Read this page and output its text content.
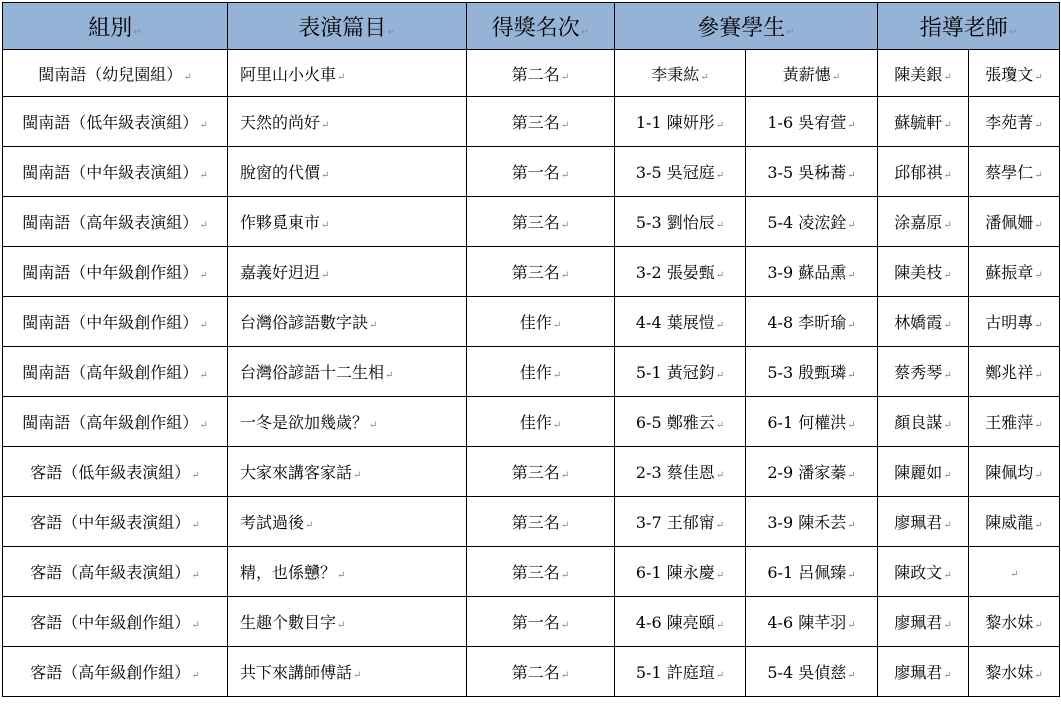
組別↵	表演篇目↵	得獎名次↵	參賽學生↵		指導老師↵	
閩南語（幼兒園組）↵	阿里山小火車↵	第二名↵	李秉紘↵	黃薪憓↵	陳美銀↵	張瓊文↵
閩南語（低年級表演組）↵	天然的尚好↵	第三名↵	1-1 陳妍彤↵	1-6 吳宥萱↵	蘇毓軒↵	李苑菁↵
閩南語（中年級表演組）↵	脫窗的代價↵	第一名↵	3-5 吳冠庭↵	3-5 吳秭蕎↵	邱郁祺↵	蔡學仁↵
閩南語（高年級表演組）↵	作夥覓東市↵	第三名↵	5-3 劉怡辰↵	5-4 凌浤銓↵	涂嘉原↵	潘佩姍↵
閩南語（中年級創作組）↵	嘉義好迌迌↵	第三名↵	3-2 張晏甄↵	3-9 蘇品熏↵	陳美枝↵	蘇振章↵
閩南語（中年級創作組）↵	台灣俗諺語數字訣↵	佳作↵	4-4 葉展愷↵	4-8 李昕瑜↵	林嬌霞↵	古明專↵
閩南語（高年級創作組）↵	台灣俗諺語十二生相↵	佳作↵	5-1 黃冠鈞↵	5-3 殷甄璘↵	蔡秀琴↵	鄭兆祥↵
閩南語（高年級創作組）↵	一冬是欲加幾歲？↵	佳作↵	6-5 鄭雅云↵	6-1 何權洪↵	顏良謀↵	王雅萍↵
客語（低年級表演組）↵	大家來講客家話↵	第三名↵	2-3 蔡佳恩↵	2-9 潘家蓁↵	陳麗如↵	陳佩均↵
客語（中年級表演組）↵	考試過後↵	第三名↵	3-7 王郁甯↵	3-9 陳禾芸↵	廖珮君↵	陳威龍↵
客語（高年級表演組）↵	精，也係戇？↵	第三名↵	6-1 陳永慶↵	6-1 呂佩臻↵	陳政文↵	↵
客語（中年級創作組）↵	生趣个數目字↵	第一名↵	4-6 陳亮頤↵	4-6 陳芊羽↵	廖珮君↵	黎水妹↵
客語（高年級創作組）↵	共下來講師傅話↵	第二名↵	5-1 許庭瑄↵	5-4 吳偵慈↵	廖珮君↵	黎水妹↵
